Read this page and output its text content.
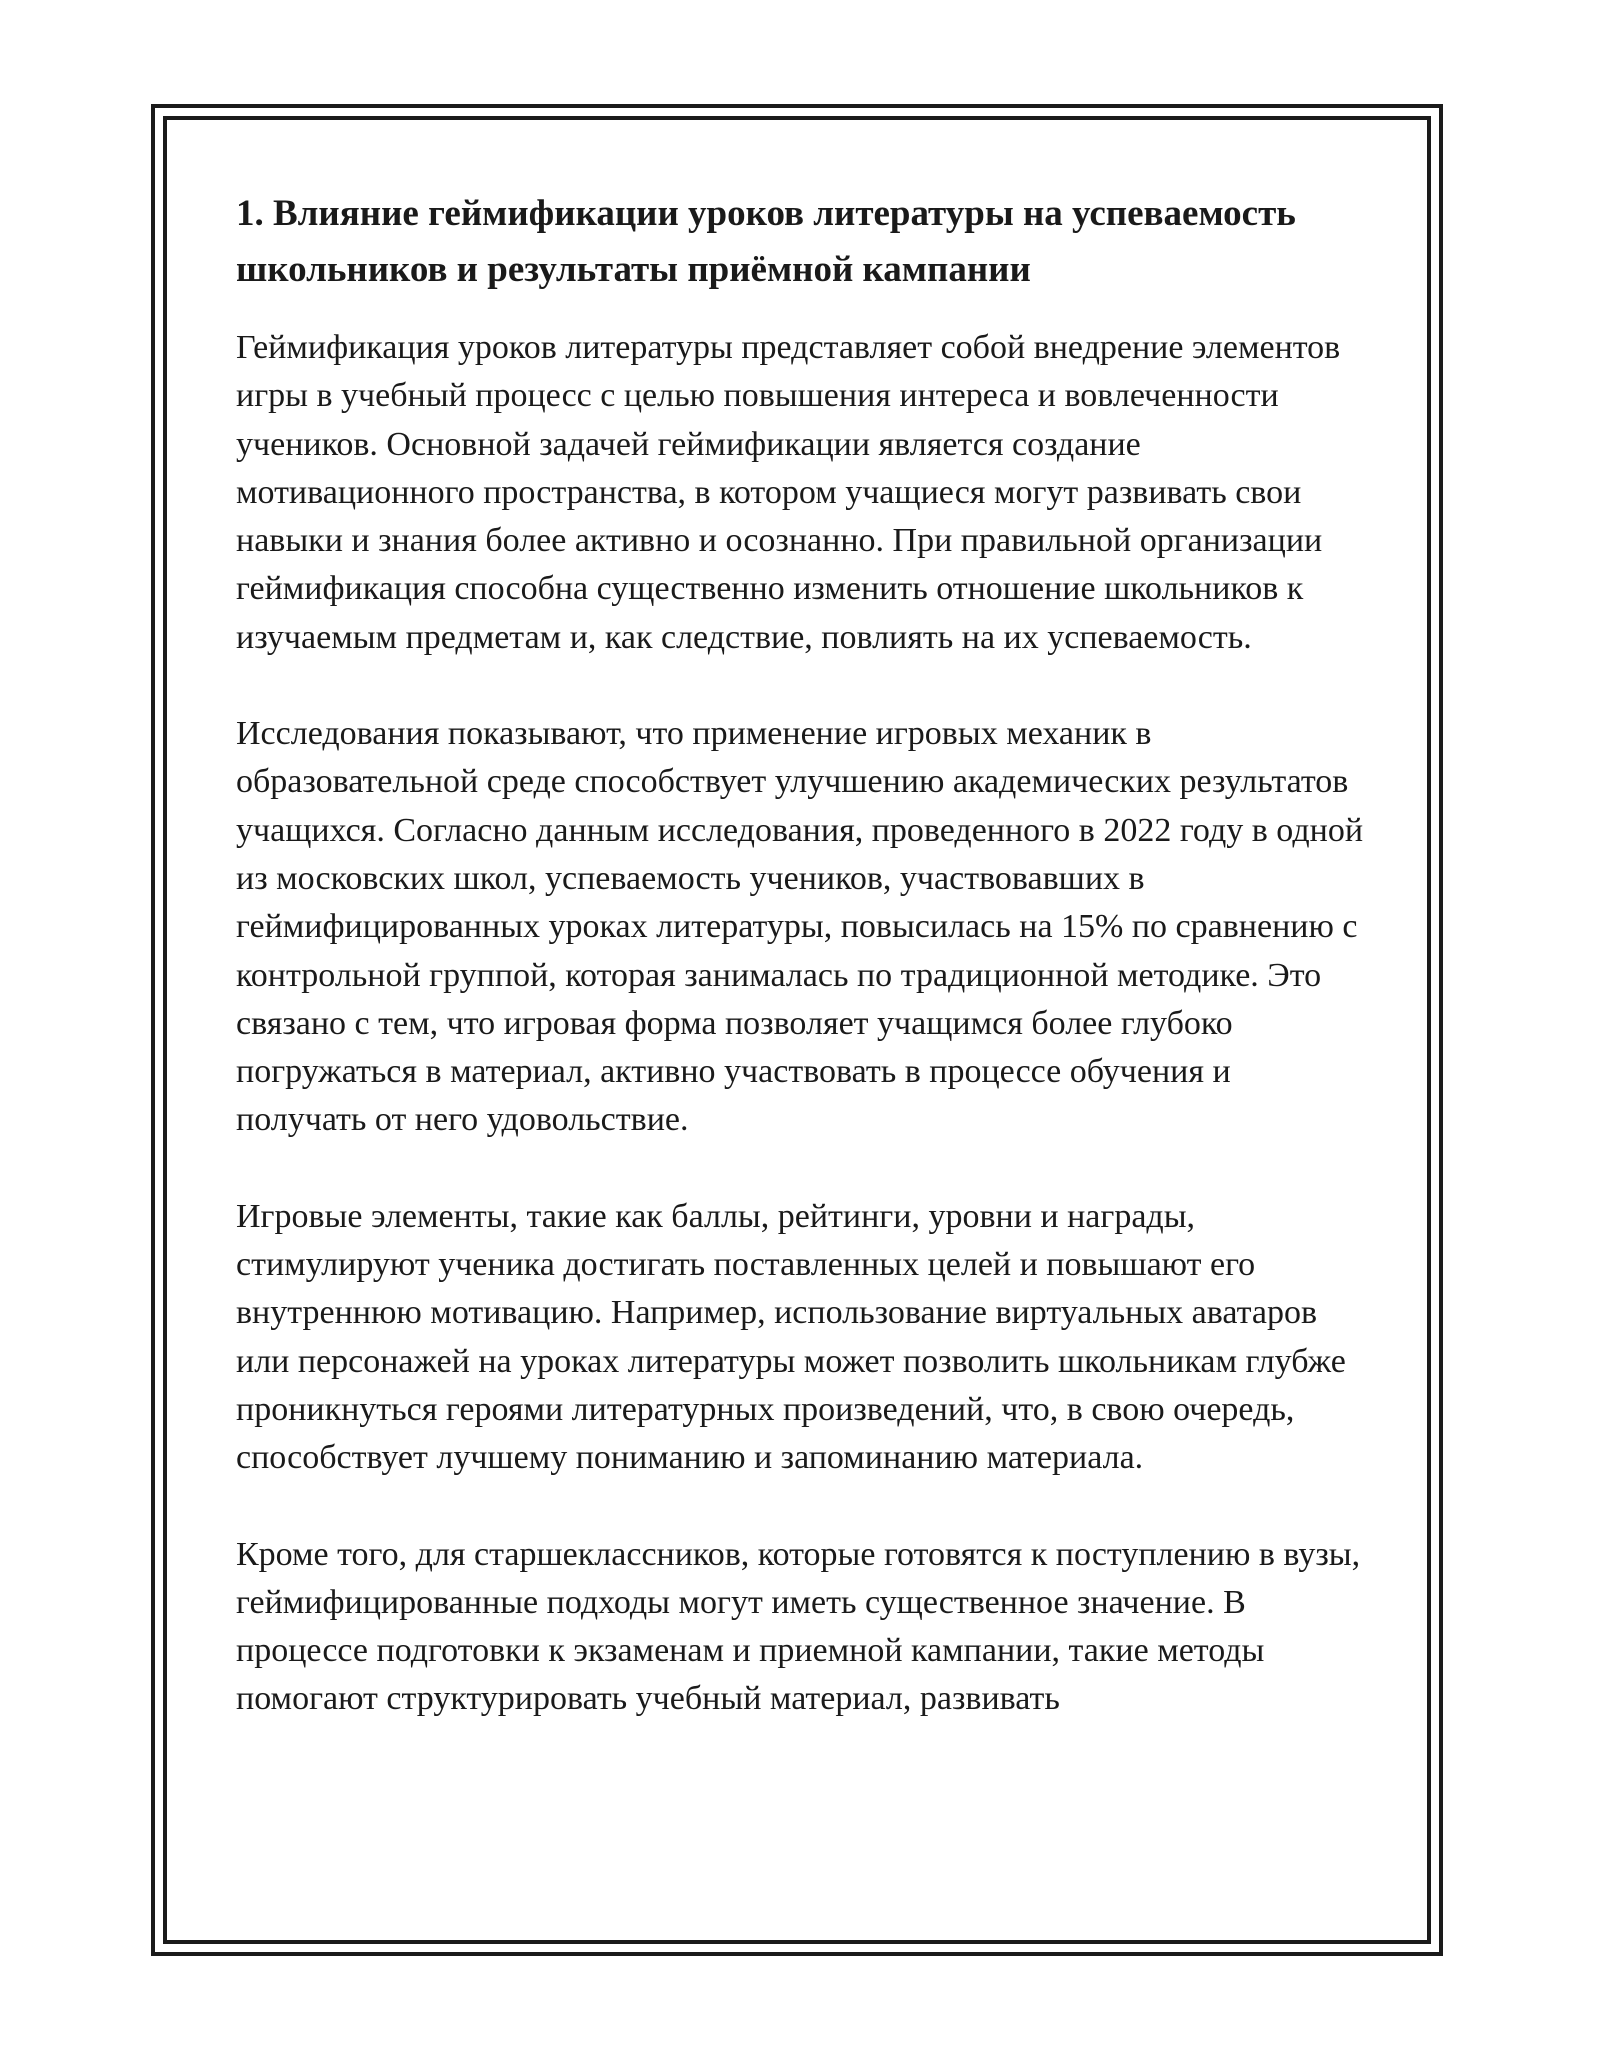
1. Влияние геймификации уроков литературы на успеваемость школьников и результаты приёмной кампании

Геймификация уроков литературы представляет собой внедрение элементов игры в учебный процесс с целью повышения интереса и вовлеченности учеников. Основной задачей геймификации является создание мотивационного пространства, в котором учащиеся могут развивать свои навыки и знания более активно и осознанно. При правильной организации геймификация способна существенно изменить отношение школьников к изучаемым предметам и, как следствие, повлиять на их успеваемость.

Исследования показывают, что применение игровых механик в образовательной среде способствует улучшению академических результатов учащихся. Согласно данным исследования, проведенного в 2022 году в одной из московских школ, успеваемость учеников, участвовавших в геймифицированных уроках литературы, повысилась на 15% по сравнению с контрольной группой, которая занималась по традиционной методике. Это связано с тем, что игровая форма позволяет учащимся более глубоко погружаться в материал, активно участвовать в процессе обучения и получать от него удовольствие.

Игровые элементы, такие как баллы, рейтинги, уровни и награды, стимулируют ученика достигать поставленных целей и повышают его внутреннюю мотивацию. Например, использование виртуальных аватаров или персонажей на уроках литературы может позволить школьникам глубже проникнуться героями литературных произведений, что, в свою очередь, способствует лучшему пониманию и запоминанию материала.

Кроме того, для старшеклассников, которые готовятся к поступлению в вузы, геймифицированные подходы могут иметь существенное значение. В процессе подготовки к экзаменам и приемной кампании, такие методы помогают структурировать учебный материал, развивать
